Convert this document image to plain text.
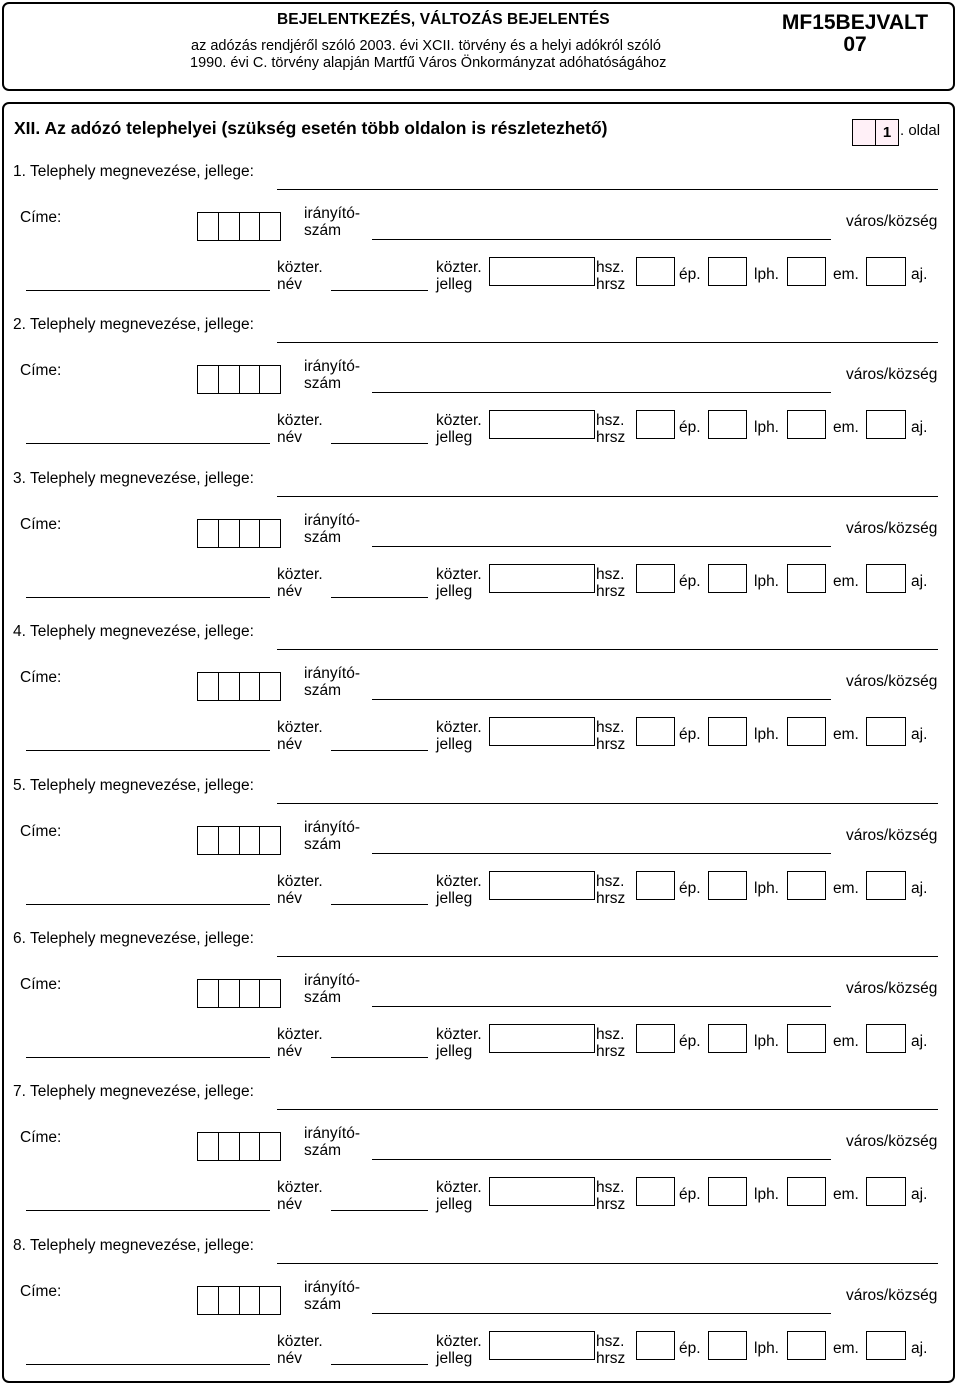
BEJELENTKEZÉS, VÁLTOZÁS BEJELENTÉS
az adózás rendjéről szóló 2003. évi XCII. törvény és a helyi adókról szóló
1990. évi C. törvény alapján Martfű Város Önkormányzat adóhatóságához
MF15BEJVALT
07
XII. Az adózó telephelyei (szükség esetén több oldalon is részletezhető)	1 . oldal
1. Telephely megnevezése, jellege:
Címe:	irányító-
szám
város/község
közter.
név
közter.
jelleg
hsz.
hrsz
ép.	lph.	em.	aj.
2. Telephely megnevezése, jellege:
Címe:	irányító-
szám
város/község
közter.
név
közter.
jelleg
hsz.
hrsz
ép.	lph.	em.	aj.
3. Telephely megnevezése, jellege:
Címe:	irányító-
szám
város/község
közter.
név
közter.
jelleg
hsz.
hrsz
ép.	lph.	em.	aj.
4. Telephely megnevezése, jellege:
Címe:	irányító-
szám
város/község
közter.
név
közter.
jelleg
hsz.
hrsz
ép.	lph.	em.	aj.
5. Telephely megnevezése, jellege:
Címe:	irányító-
szám
város/község
közter.
név
közter.
jelleg
hsz.
hrsz
ép.	lph.	em.	aj.
6. Telephely megnevezése, jellege:
Címe:	irányító-
szám
város/község
közter.
név
közter.
jelleg
hsz.
hrsz
ép.	lph.	em.	aj.
7. Telephely megnevezése, jellege:
Címe:	irányító-
szám
város/község
közter.
név
közter.
jelleg
hsz.
hrsz
ép.	lph.	em.	aj.
8. Telephely megnevezése, jellege:
Címe:	irányító-
szám
város/község
közter.
név
közter.
jelleg
hsz.
hrsz
ép.	lph.	em.	aj.
